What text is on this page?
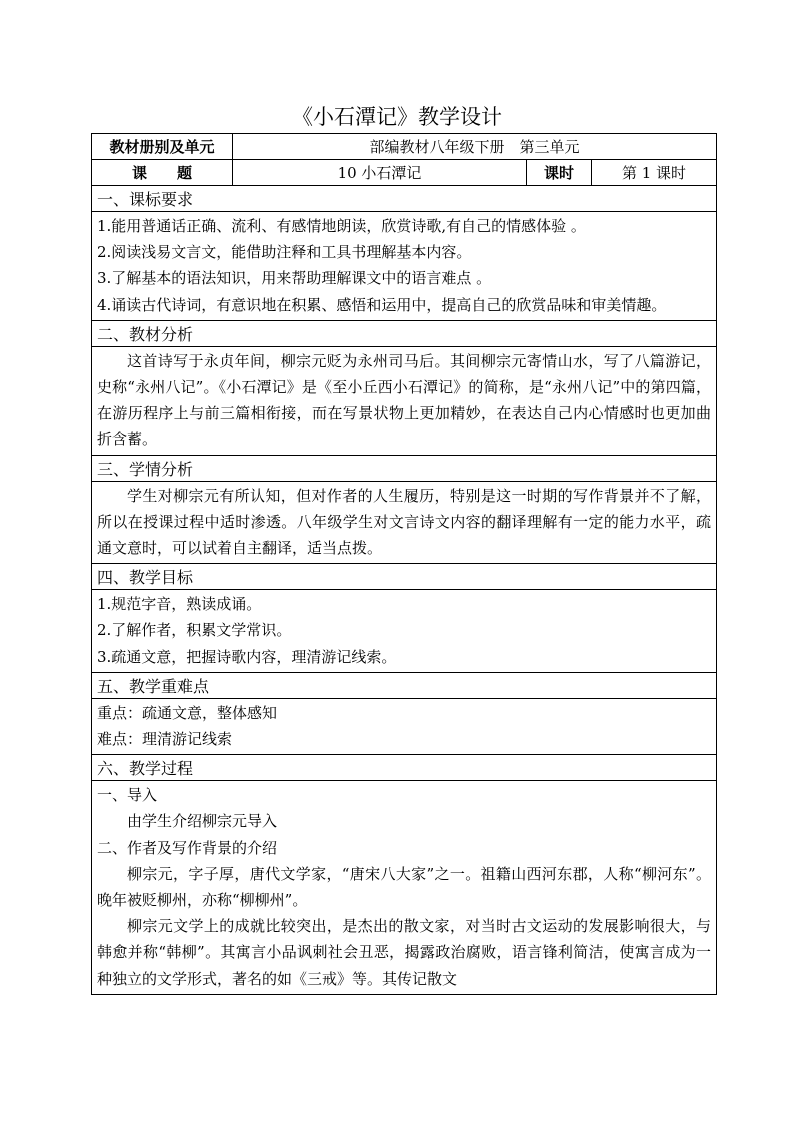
《小石潭记》教学设计
教材册别及单元	部编教材八年级下册　第三单元		
课　　题	10 小石潭记	课时	第 1 课时
一、课标要求			

1.能用普通话正确、流利、有感情地朗读，欣赏诗歌,有自己的情感体验 。
2.阅读浅易文言文，能借助注释和工具书理解基本内容。
3.了解基本的语法知识，用来帮助理解课文中的语言难点 。
4.诵读古代诗词，有意识地在积累、感悟和运用中，提高自己的欣赏品味和审美情趣。			

二、教材分析			

这首诗写于永贞年间，柳宗元贬为永州司马后。其间柳宗元寄情山水，写了八篇游记，史称“永州八记”。《小石潭记》是《至小丘西小石潭记》的简称，是“永州八记”中的第四篇，在游历程序上与前三篇相衔接，而在写景状物上更加精妙，在表达自己内心情感时也更加曲折含蓄。			

三、学情分析			

学生对柳宗元有所认知，但对作者的人生履历，特别是这一时期的写作背景并不了解，所以在授课过程中适时渗透。八年级学生对文言诗文内容的翻译理解有一定的能力水平，疏通文意时，可以试着自主翻译，适当点拨。			

四、教学目标			

1.规范字音，熟读成诵。
2.了解作者，积累文学常识。
3.疏通文意，把握诗歌内容，理清游记线索。			

五、教学重难点			

重点：疏通文意，整体感知
难点：理清游记线索			

六、教学过程			

一、导入
由学生介绍柳宗元导入
二、作者及写作背景的介绍
柳宗元，字子厚，唐代文学家，“唐宋八大家”之一。祖籍山西河东郡，人称“柳河东”。晚年被贬柳州，亦称“柳柳州”。
柳宗元文学上的成就比较突出，是杰出的散文家，对当时古文运动的发展影响很大，与韩愈并称“韩柳”。其寓言小品讽刺社会丑恶，揭露政治腐败，语言锋利简洁，使寓言成为一种独立的文学形式，著名的如《三戒》等。其传记散文			
